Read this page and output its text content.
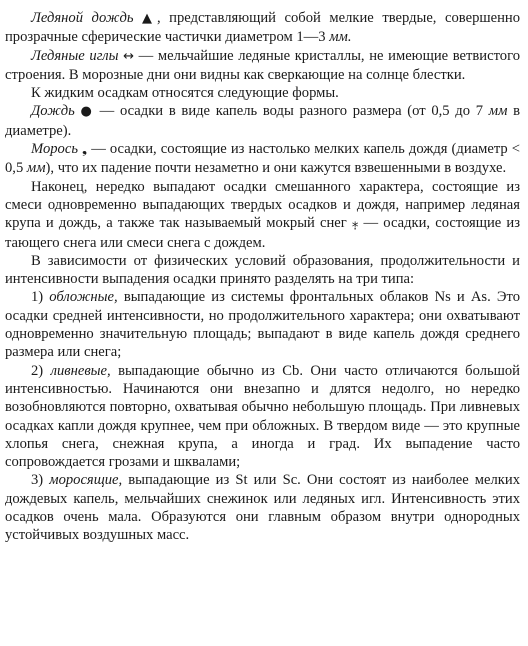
Ледяной дождь ▲, представляющий собой мелкие твердые, совершенно прозрачные сферические частички диаметром 1—3 мм.

Ледяные иглы ↔ — мельчайшие ледяные кристаллы, не имеющие ветвистого строения. В морозные дни они видны как сверкающие на солнце блестки.

К жидким осадкам относятся следующие формы.

Дождь ● — осадки в виде капель воды разного размера (от 0,5 до 7 мм в диаметре).

Морось ❟ — осадки, состоящие из настолько мелких капель дождя (диаметр < 0,5 мм), что их падение почти незаметно и они кажутся взвешенными в воздухе.

Наконец, нередко выпадают осадки смешанного характера, состоящие из смеси одновременно выпадающих твердых осадков и дождя, например ледяная крупа и дождь, а также так называемый мокрый снег ⁎̣ — осадки, состоящие из тающего снега или смеси снега с дождем.

В зависимости от физических условий образования, продолжительности и интенсивности выпадения осадки принято разделять на три типа:

1) обложные, выпадающие из системы фронтальных облаков Ns и As. Это осадки средней интенсивности, но продолжительного характера; они охватывают одновременно значительную площадь; выпадают в виде капель дождя среднего размера или снега;

2) ливневые, выпадающие обычно из Cb. Они часто отличаются большой интенсивностью. Начинаются они внезапно и длятся недолго, но нередко возобновляются повторно, охватывая обычно небольшую площадь. При ливневых осадках капли дождя крупнее, чем при обложных. В твердом виде — это крупные хлопья снега, снежная крупа, а иногда и град. Их выпадение часто сопровождается грозами и шквалами;

3) моросящие, выпадающие из St или Sc. Они состоят из наиболее мелких дождевых капель, мельчайших снежинок или ледяных игл. Интенсивность этих осадков очень мала. Образуются они главным образом внутри однородных устойчивых воздушных масс.
